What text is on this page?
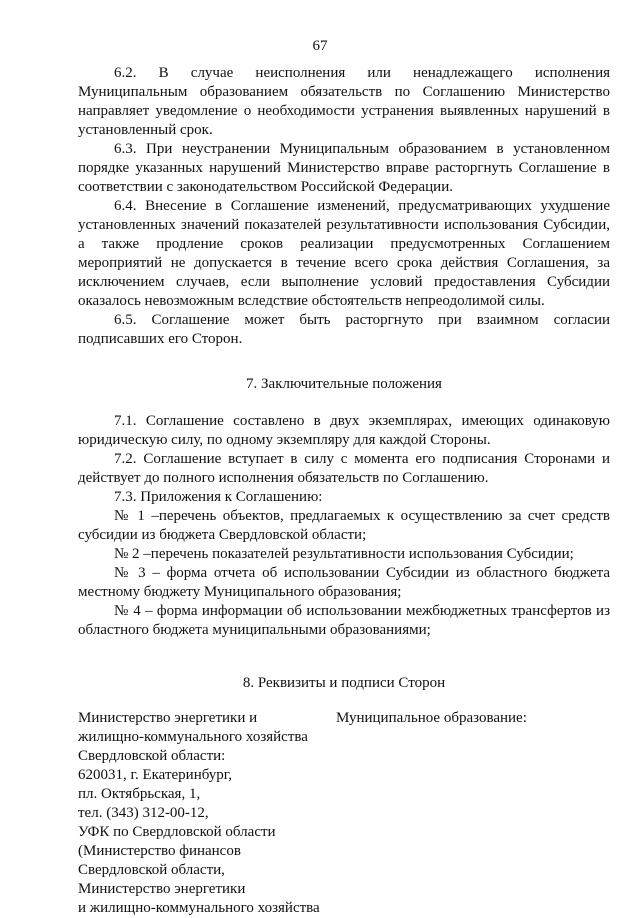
67

6.2. В случае неисполнения или ненадлежащего исполнения Муниципальным образованием обязательств по Соглашению Министерство направляет уведомление о необходимости устранения выявленных нарушений в установленный срок.

6.3. При неустранении Муниципальным образованием в установленном порядке указанных нарушений Министерство вправе расторгнуть Соглашение в соответствии с законодательством Российской Федерации.

6.4. Внесение в Соглашение изменений, предусматривающих ухудшение установленных значений показателей результативности использования Субсидии, а также продление сроков реализации предусмотренных Соглашением мероприятий не допускается в течение всего срока действия Соглашения, за исключением случаев, если выполнение условий предоставления Субсидии оказалось невозможным вследствие обстоятельств непреодолимой силы.

6.5. Соглашение может быть расторгнуто при взаимном согласии подписавших его Сторон.

7. Заключительные положения

7.1. Соглашение составлено в двух экземплярах, имеющих одинаковую юридическую силу, по одному экземпляру для каждой Стороны.

7.2. Соглашение вступает в силу с момента его подписания Сторонами и действует до полного исполнения обязательств по Соглашению.

7.3. Приложения к Соглашению:

№ 1 –перечень объектов, предлагаемых к осуществлению за счет средств субсидии из бюджета Свердловской области;

№ 2 –перечень показателей результативности использования Субсидии;

№ 3 – форма отчета об использовании Субсидии из областного бюджета местному бюджету Муниципального образования;

№ 4 – форма информации об использовании межбюджетных трансфертов из областного бюджета муниципальными образованиями;

8. Реквизиты и подписи Сторон

Министерство энергетики и

жилищно-коммунального хозяйства

Свердловской области:

620031, г. Екатеринбург,

пл. Октябрьская, 1,

тел. (343) 312-00-12,

УФК по Свердловской области

(Министерство финансов

Свердловской области,

Министерство энергетики

и жилищно-коммунального хозяйства

Муниципальное образование:
